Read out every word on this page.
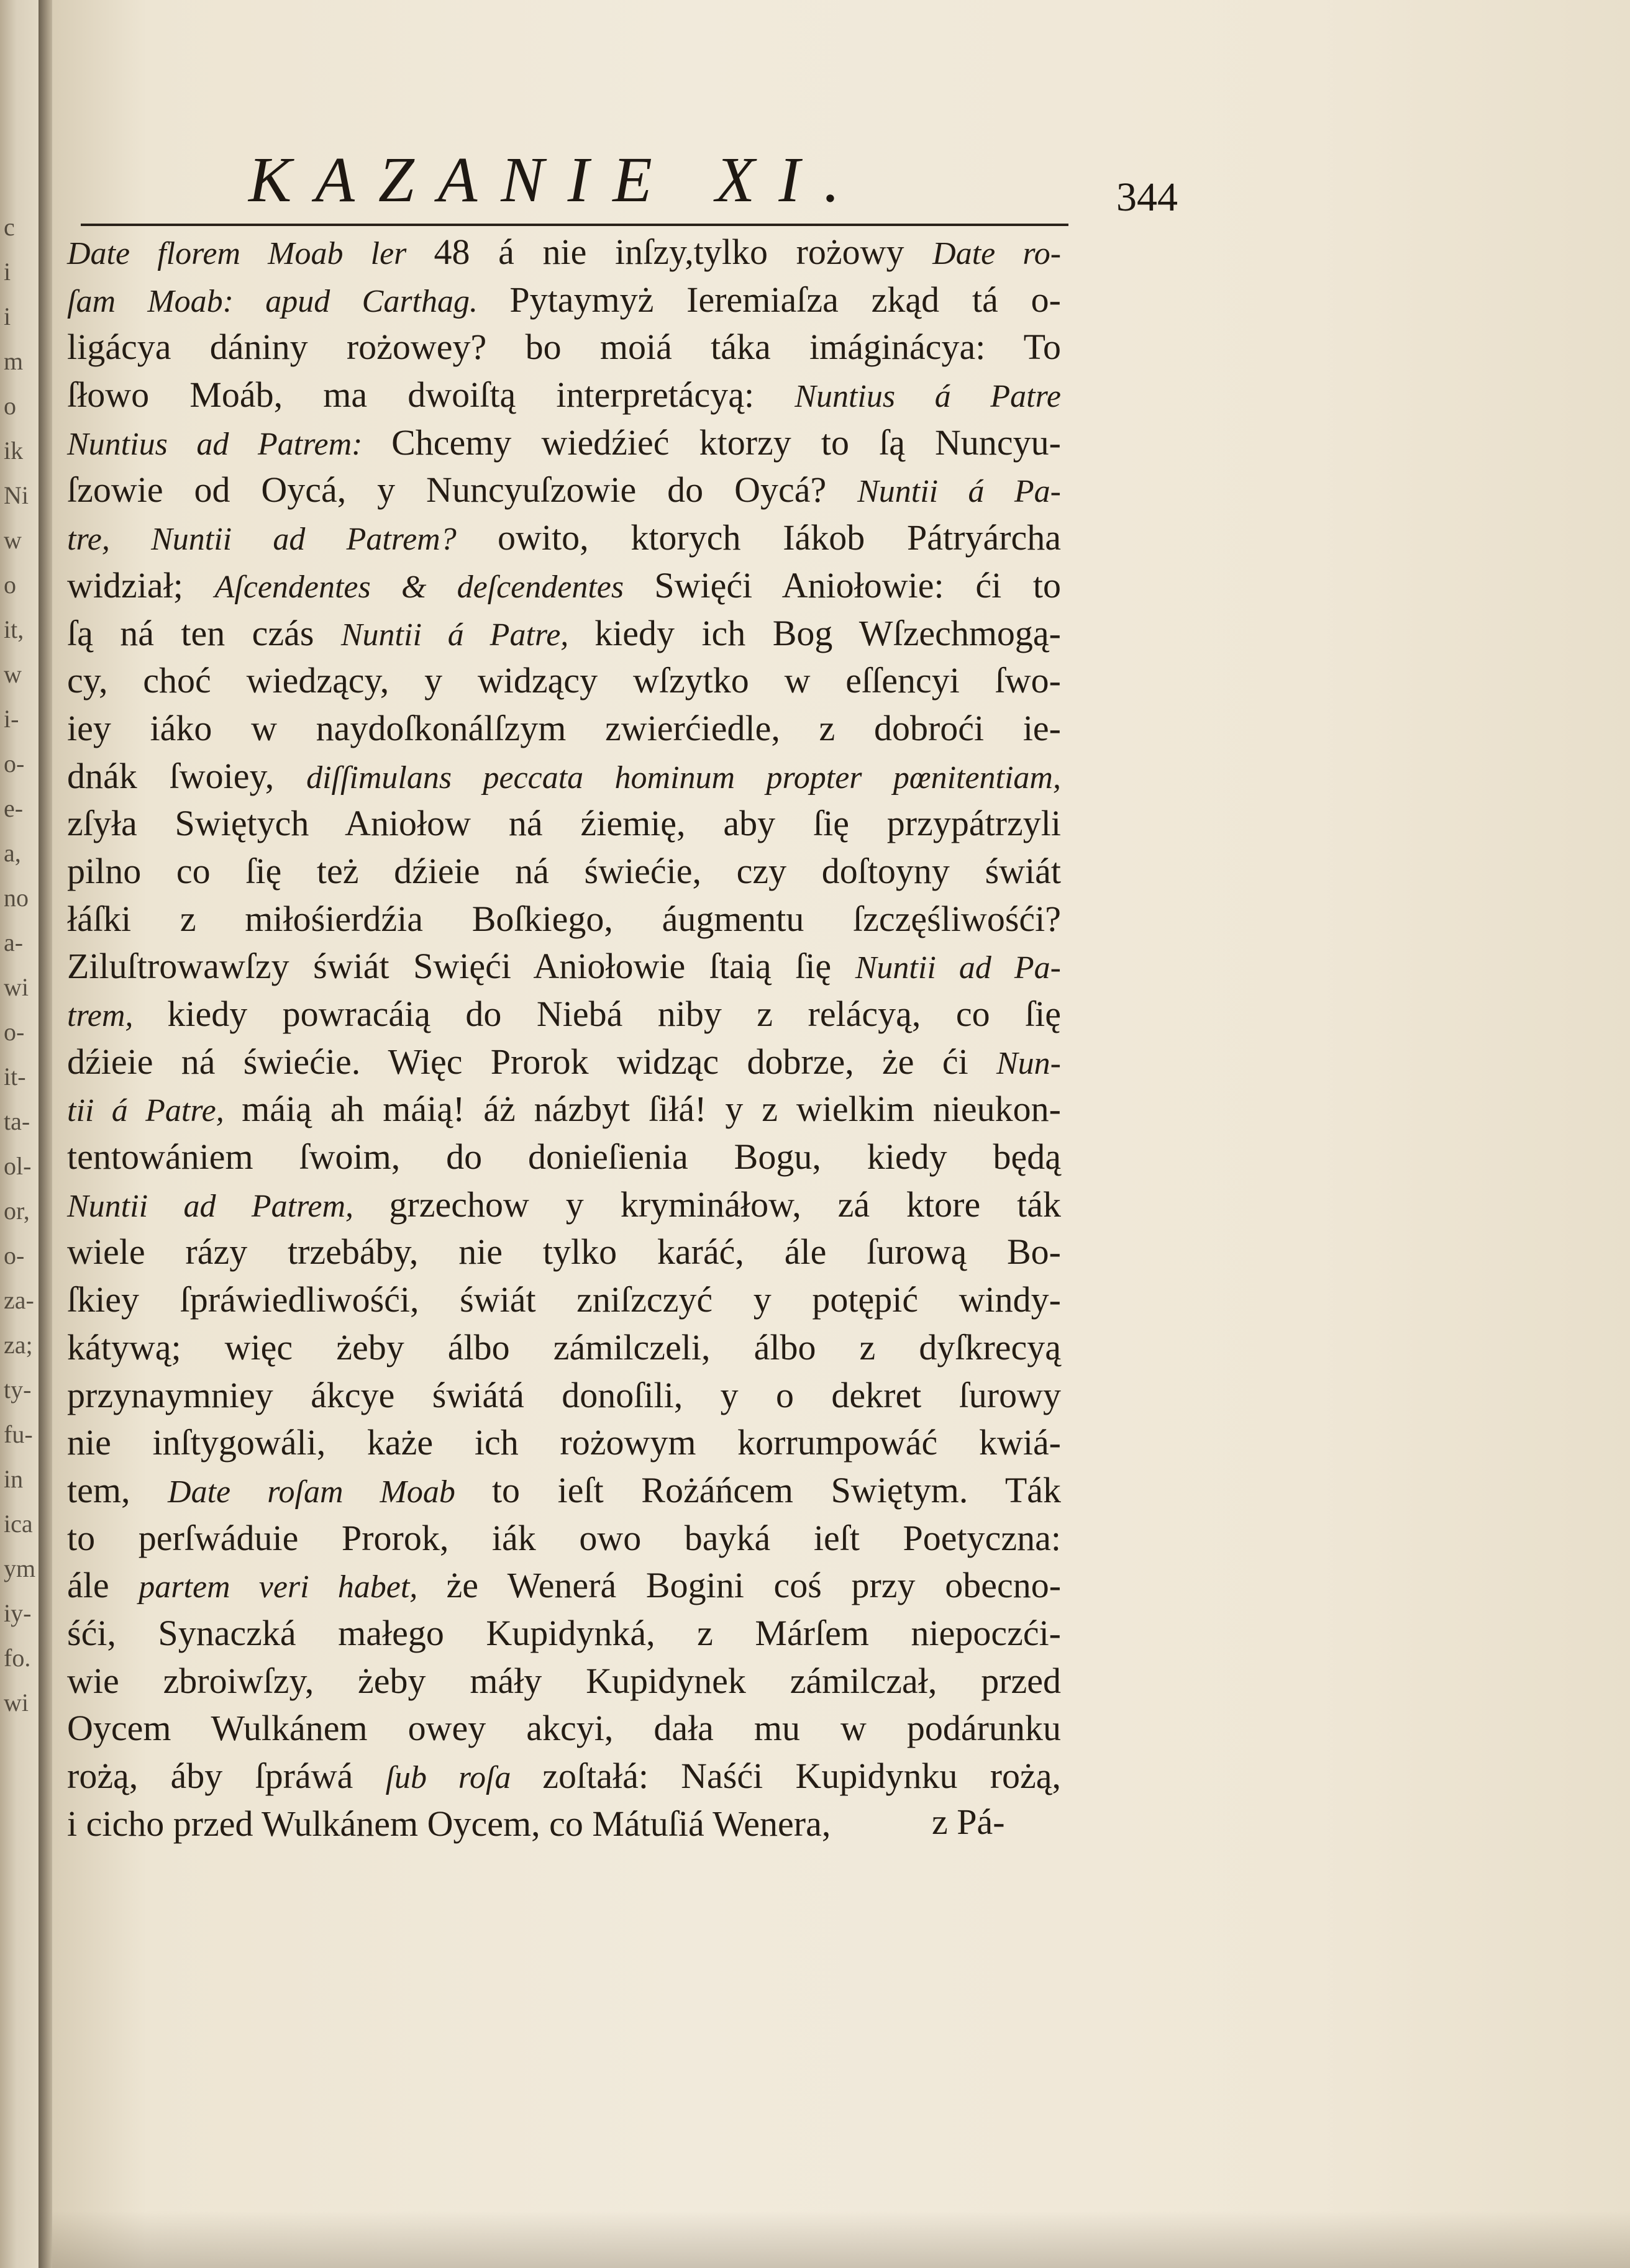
c
i
i
m
o
ik
Ni
w
o
it,
w
i-
o-
e-
a,
no
a-
wi
o-
it-
ta-
ol-
or,
o-
za-
za;
ty-
fu-
in
ica
ym
iy-
fo.
wi
KAZANIE XI.	344
Date florem Moab ler 48 á nie inſzy,tylko rożowy Date ro-
ſam Moab: apud Carthag. Pytaymyż Ieremiaſza zkąd tá o-
ligácya dániny rożowey? bo moiá táka imáginácya: To
ſłowo Moáb, ma dwoiſtą interpretácyą: Nuntius á Patre
Nuntius ad Patrem: Chcemy wiedźieć ktorzy to ſą Nuncyu-
ſzowie od Oycá, y Nuncyuſzowie do Oycá? Nuntii á Pa-
tre, Nuntii ad Patrem? owito, ktorych Iákob Pátryárcha
widział; Aſcendentes & deſcendentes Swięći Aniołowie: ći to
ſą ná ten czás Nuntii á Patre, kiedy ich Bog Wſzechmogą-
cy, choć wiedzący, y widzący wſzytko w eſſencyi ſwo-
iey iáko w naydoſkonálſzym zwierćiedle, z dobroći ie-
dnák ſwoiey, diſſimulans peccata hominum propter pœnitentiam,
zſyła Swiętych Aniołow ná źiemię, aby ſię przypátrzyli
pilno co ſię też dźieie ná świećie, czy doſtoyny świát
łáſki z miłośierdźia Boſkiego, áugmentu ſzczęśliwośći?
Ziluſtrowawſzy świát Swięći Aniołowie ſtaią ſię Nuntii ad Pa-
trem, kiedy powracáią do Niebá niby z relácyą, co ſię
dźieie ná świećie. Więc Prorok widząc dobrze, że ći Nun-
tii á Patre, máią ah máią! áż názbyt ſiłá! y z wielkim nieukon-
tentowániem ſwoim, do donieſienia Bogu, kiedy będą
Nuntii ad Patrem, grzechow y krymináłow, zá ktore ták
wiele rázy trzebáby, nie tylko karáć, ále ſurową Bo-
ſkiey ſpráwiedliwośći, świát zniſzczyć y potępić windy-
kátywą; więc żeby álbo zámilczeli, álbo z dyſkrecyą
przynaymniey ákcye świátá donoſili, y o dekret ſurowy
nie inſtygowáli, każe ich rożowym korrumpowáć kwiá-
tem, Date roſam Moab to ieſt Rożáńcem Swiętym. Ták
to perſwáduie Prorok, iák owo bayká ieſt Poetyczna:
ále partem veri habet, że Wenerá Bogini coś przy obecno-
śći, Synaczká małego Kupidynká, z Márſem niepoczći-
wie zbroiwſzy, żeby máły Kupidynek zámilczał, przed
Oycem Wulkánem owey akcyi, dała mu w podárunku
rożą, áby ſpráwá ſub roſa zoſtałá: Naśći Kupidynku rożą,
i cicho przed Wulkánem Oycem, co Mátuſiá Wenera,	z Pá-
